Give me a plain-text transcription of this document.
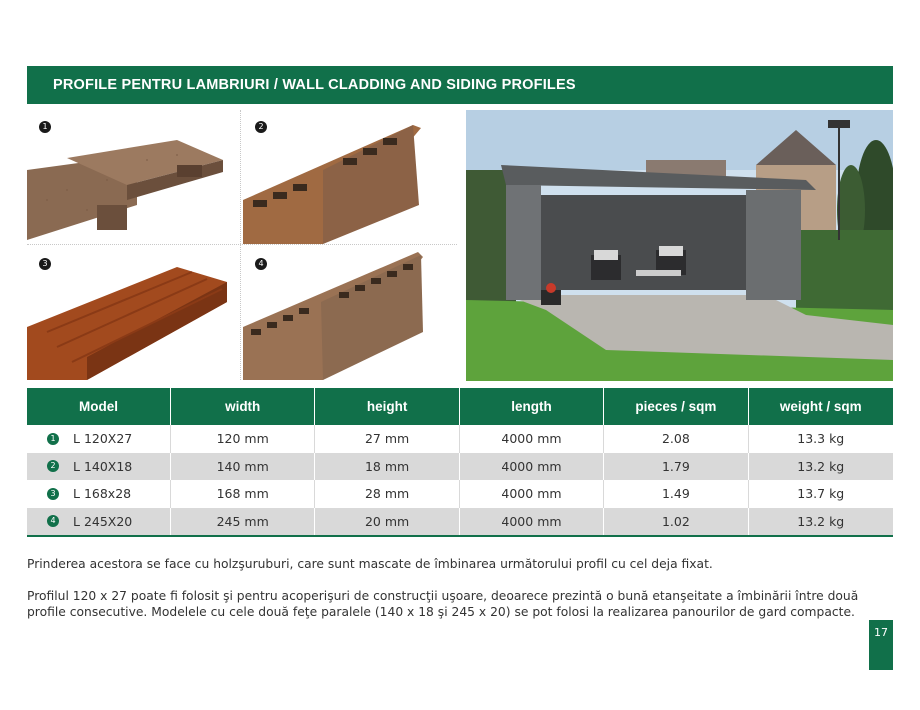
PROFILE PENTRU LAMBRIURI / WALL CLADDING AND SIDING PROFILES
1	2
3	4
Model	width	height	length	pieces / sqm	weight / sqm
1 L 120X27	120 mm	27 mm	4000 mm	2.08	13.3 kg
2 L 140X18	140 mm	18 mm	4000 mm	1.79	13.2 kg
3 L 168x28	168 mm	28 mm	4000 mm	1.49	13.7 kg
4 L 245X20	245 mm	20 mm	4000 mm	1.02	13.2 kg

Prinderea acestora se face cu holzşuruburi, care sunt mascate de îmbinarea următorului profil cu cel deja fixat.

Profilul 120 x 27 poate fi folosit şi pentru acoperişuri de construcţii uşoare, deoarece prezintă o bună etanşeitate a îmbinării între două profile consecutive. Modelele cu cele două feţe paralele (140 x 18 şi 245 x 20) se pot folosi la realizarea panourilor de gard compacte.

17
